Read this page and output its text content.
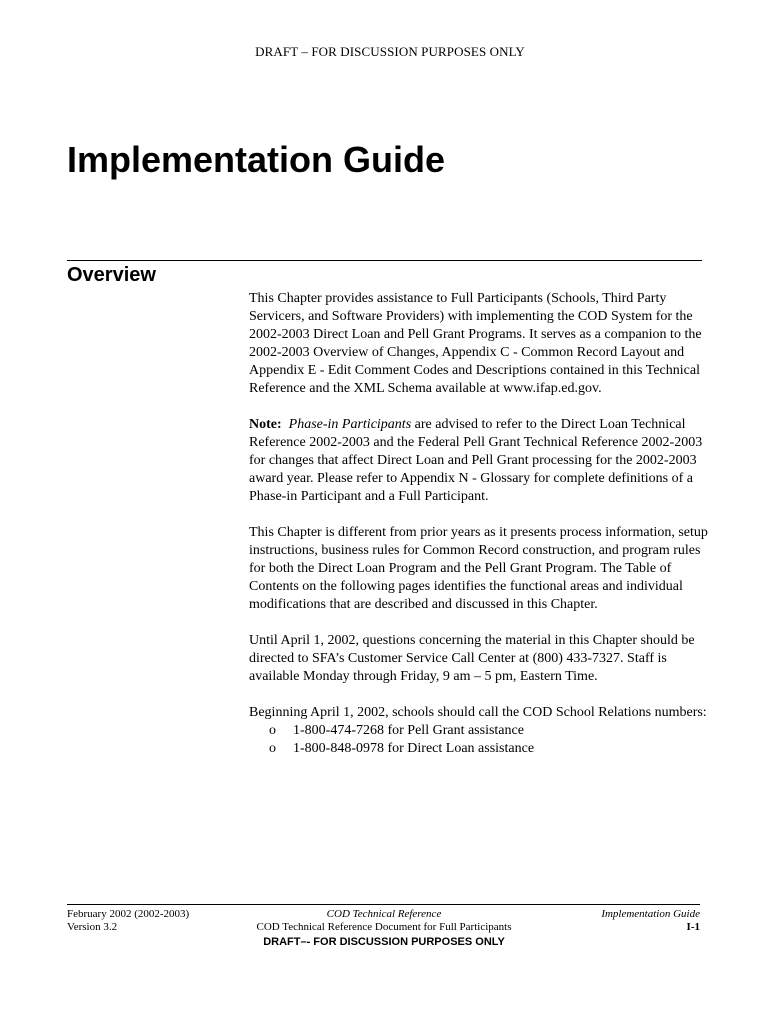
DRAFT – FOR DISCUSSION PURPOSES ONLY
Implementation Guide
Overview

This Chapter provides assistance to Full Participants (Schools, Third Party Servicers, and Software Providers) with implementing the COD System for the 2002-2003 Direct Loan and Pell Grant Programs. It serves as a companion to the 2002-2003 Overview of Changes, Appendix C - Common Record Layout and Appendix E - Edit Comment Codes and Descriptions contained in this Technical Reference and the XML Schema available at www.ifap.ed.gov.

Note: Phase-in Participants are advised to refer to the Direct Loan Technical Reference 2002-2003 and the Federal Pell Grant Technical Reference 2002-2003 for changes that affect Direct Loan and Pell Grant processing for the 2002-2003 award year. Please refer to Appendix N - Glossary for complete definitions of a Phase-in Participant and a Full Participant.

This Chapter is different from prior years as it presents process information, setup instructions, business rules for Common Record construction, and program rules for both the Direct Loan Program and the Pell Grant Program. The Table of Contents on the following pages identifies the functional areas and individual modifications that are described and discussed in this Chapter.

Until April 1, 2002, questions concerning the material in this Chapter should be directed to SFA’s Customer Service Call Center at (800) 433-7327. Staff is available Monday through Friday, 9 am – 5 pm, Eastern Time.

Beginning April 1, 2002, schools should call the COD School Relations numbers:

o 1-800-474-7268 for Pell Grant assistance
o 1-800-848-0978 for Direct Loan assistance
February 2002 (2002-2003)
Version 3.2
COD Technical Reference
COD Technical Reference Document for Full Participants
Implementation Guide
I-1
DRAFT–- FOR DISCUSSION PURPOSES ONLY
